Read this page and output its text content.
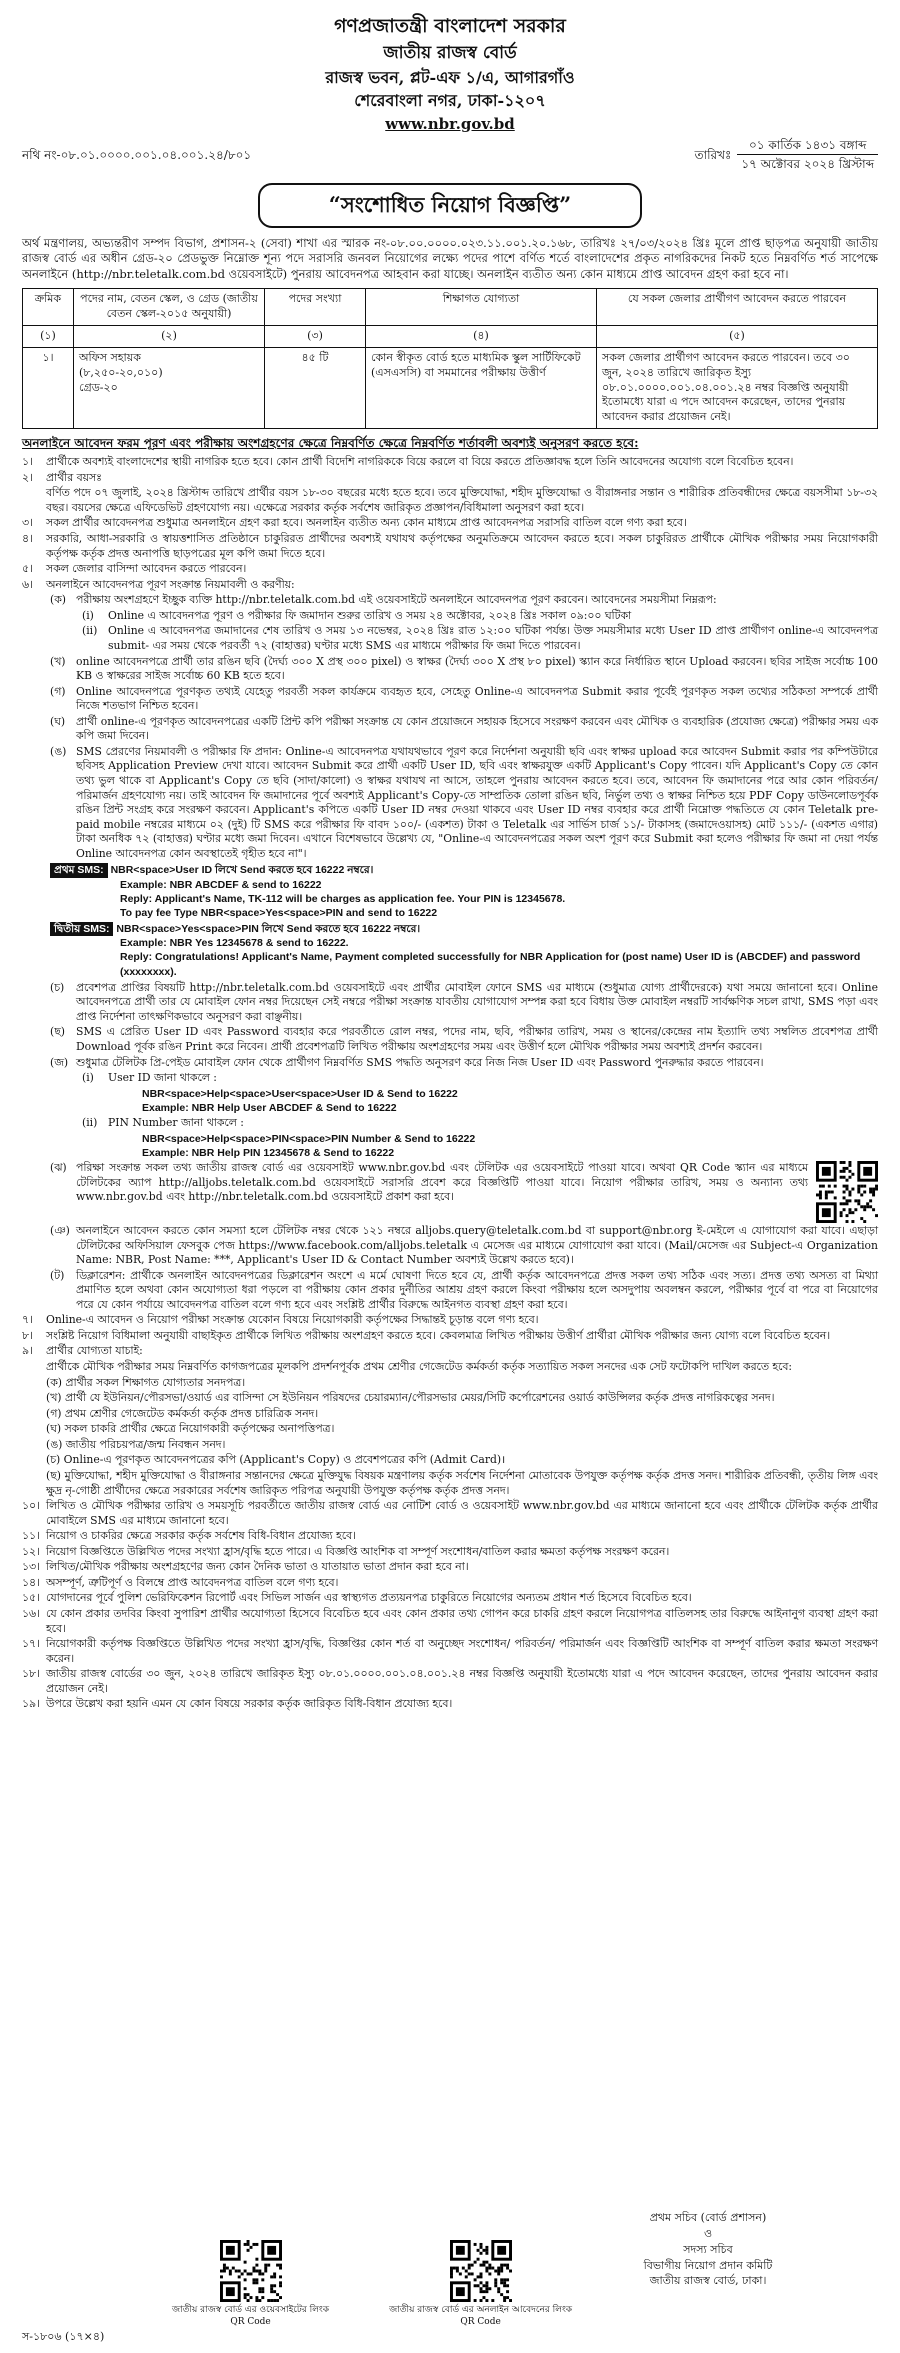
গণপ্রজাতন্ত্রী বাংলাদেশ সরকার
জাতীয় রাজস্ব বোর্ড
রাজস্ব ভবন, প্লট-এফ ১/এ, আগারগাঁও
শেরেবাংলা নগর, ঢাকা-১২০৭
www.nbr.gov.bd
নথি নং-০৮.০১.০০০০.০০১.০৪.০০১.২৪/৮০১	তারিখঃ
০১ কার্তিক ১৪৩১ বঙ্গাব্দ
১৭ অক্টোবর ২০২৪ খ্রিস্টাব্দ
“সংশোধিত নিয়োগ বিজ্ঞপ্তি”
অর্থ মন্ত্রণালয়, অভ্যন্তরীণ সম্পদ বিভাগ, প্রশাসন-২ (সেবা) শাখা এর স্মারক নং-০৮.০০.০০০০.০২৩.১১.০০১.২০.১৬৮, তারিখঃ ২৭/০৩/২০২৪ খ্রিঃ মূলে প্রাপ্ত ছাড়পত্র অনুযায়ী জাতীয় রাজস্ব বোর্ড এর অধীন গ্রেড-২০ প্রেডভুক্ত নিম্নোক্ত শূন্য পদে সরাসরি জনবল নিয়োগের লক্ষ্যে পদের পাশে বর্ণিত শর্তে বাংলাদেশের প্রকৃত নাগরিকদের নিকট হতে নিম্নবর্ণিত শর্ত সাপেক্ষে অনলাইনে (http://nbr.teletalk.com.bd ওয়েবসাইটে) পুনরায় আবেদনপত্র আহবান করা যাচ্ছে। অনলাইন ব্যতীত অন্য কোন মাধ্যমে প্রাপ্ত আবেদন গ্রহণ করা হবে না।
ক্রমিক	পদের নাম, বেতন স্কেল, ও গ্রেড (জাতীয় বেতন স্কেল-২০১৫ অনুযায়ী)	পদের সংখ্যা	শিক্ষাগত যোগ্যতা	যে সকল জেলার প্রার্থীগণ আবেদন করতে পারবেন
(১)	(২)	(৩)	(৪)	(৫)
১।	অফিস সহায়ক
(৮,২৫০-২০,০১০)
গ্রেড-২০	৪৫ টি	কোন স্বীকৃত বোর্ড হতে মাধ্যমিক স্কুল সার্টিফিকেট (এসএসসি) বা সমমানের পরীক্ষায় উত্তীর্ণ	সকল জেলার প্রার্থীগণ আবেদন করতে পারবেন। তবে ৩০ জুন, ২০২৪ তারিখে জারিকৃত ইস্যু ০৮.০১.০০০০.০০১.০৪.০০১.২৪ নম্বর বিজ্ঞপ্তি অনুযায়ী ইতোমধ্যে যারা এ পদে আবেদন করেছেন, তাদের পুনরায় আবেদন করার প্রয়োজন নেই।
অনলাইনে আবেদন ফরম পূরণ এবং পরীক্ষায় অংশগ্রহণের ক্ষেত্রে নিম্নবর্ণিত ক্ষেত্রে নিম্নবর্ণিত শর্তাবলী অবশ্যই অনুসরণ করতে হবে:
১।	প্রার্থীকে অবশ্যই বাংলাদেশের স্থায়ী নাগরিক হতে হবে। কোন প্রার্থী বিদেশি নাগরিককে বিয়ে করলে বা বিয়ে করতে প্রতিজ্ঞাবদ্ধ হলে তিনি আবেদনের অযোগ্য বলে বিবেচিত হবেন।
২।	প্রার্থীর বয়সঃ
বর্ণিত পদে ০৭ জুলাই, ২০২৪ খ্রিস্টাব্দ তারিখে প্রার্থীর বয়স ১৮-৩০ বছরের মধ্যে হতে হবে। তবে মুক্তিযোদ্ধা, শহীদ মুক্তিযোদ্ধা ও বীরাঙ্গনার সন্তান ও শারীরিক প্রতিবন্ধীদের ক্ষেত্রে বয়সসীমা ১৮-৩২ বছর। বয়সের ক্ষেত্রে এফিডেভিট গ্রহণযোগ্য নয়। এক্ষেত্রে সরকার কর্তৃক সর্বশেষ জারিকৃত প্রজ্ঞাপন/বিধিমালা অনুসরণ করা হবে।
৩।	সকল প্রার্থীর আবেদনপত্র শুধুমাত্র অনলাইনে গ্রহণ করা হবে। অনলাইন ব্যতীত অন্য কোন মাধ্যমে প্রাপ্ত আবেদনপত্র সরাসরি বাতিল বলে গণ্য করা হবে।
৪।	সরকারি, আধা-সরকারি ও স্বায়ত্তশাসিত প্রতিষ্ঠানে চাকুরিরত প্রার্থীদের অবশ্যই যথাযথ কর্তৃপক্ষের অনুমতিক্রমে আবেদন করতে হবে। সকল চাকুরিরত প্রার্থীকে মৌখিক পরীক্ষার সময় নিয়োগকারী কর্তৃপক্ষ কর্তৃক প্রদত্ত অনাপত্তি ছাড়পত্রের মূল কপি জমা দিতে হবে।
৫।	সকল জেলার বাসিন্দা আবেদন করতে পারবেন।
৬।	অনলাইনে আবেদনপত্র পূরণ সংক্রান্ত নিয়মাবলী ও করণীয়:
(ক) পরীক্ষায় অংশগ্রহণে ইচ্ছুক ব্যক্তি http://nbr.teletalk.com.bd এই ওয়েবসাইটে অনলাইনে আবেদনপত্র পূরণ করবেন। আবেদনের সময়সীমা নিম্নরূপ:
(i)	Online এ আবেদনপত্র পূরণ ও পরীক্ষার ফি জমাদান শুরুর তারিখ ও সময় ২৪ অক্টোবর, ২০২৪ খ্রিঃ সকাল ০৯:০০ ঘটিকা
(ii) Online এ আবেদনপত্র জমাদানের শেষ তারিখ ও সময় ১৩ নভেম্বর, ২০২৪ খ্রিঃ রাত ১২:০০ ঘটিকা পর্যন্ত। উক্ত সময়সীমার মধ্যে User ID প্রাপ্ত প্রার্থীগণ online-এ আবেদনপত্র submit- এর সময় থেকে পরবর্তী ৭২ (বাহাত্তর) ঘণ্টার মধ্যে SMS এর মাধ্যমে পরীক্ষার ফি জমা দিতে পারবেন।
(খ) online আবেদনপত্রে প্রার্থী তার রঙিন ছবি (দৈর্ঘ্য ৩০০ X প্রস্থ ৩০০ pixel) ও স্বাক্ষর (দৈর্ঘ্য ৩০০ X প্রস্থ ৮০ pixel) স্ক্যান করে নির্ধারিত স্থানে Upload করবেন। ছবির সাইজ সর্বোচ্চ 100 KB ও স্বাক্ষরের সাইজ সর্বোচ্চ 60 KB হতে হবে।
(গ) Online আবেদনপত্রে পূরণকৃত তথ্যই যেহেতু পরবর্তী সকল কার্যক্রমে ব্যবহৃত হবে, সেহেতু Online-এ আবেদনপত্র Submit করার পূর্বেই পূরণকৃত সকল তথ্যের সঠিকতা সম্পর্কে প্রার্থী নিজে শতভাগ নিশ্চিত হবেন।
(ঘ)	প্রার্থী online-এ পূরণকৃত আবেদনপত্রের একটি প্রিন্ট কপি পরীক্ষা সংক্রান্ত যে কোন প্রয়োজনে সহায়ক হিসেবে সংরক্ষণ করবেন এবং মৌখিক ও ব্যবহারিক (প্রযোজ্য ক্ষেত্রে) পরীক্ষার সময় এক কপি জমা দিবেন।
(ঙ) SMS প্রেরণের নিয়মাবলী ও পরীক্ষার ফি প্রদান: Online-এ আবেদনপত্র যথাযথভাবে পূরণ করে নির্দেশনা অনুযায়ী ছবি এবং স্বাক্ষর upload করে আবেদন Submit করার পর কম্পিউটারে ছবিসহ Application Preview দেখা যাবে। আবেদন Submit করে প্রার্থী একটি User ID, ছবি এবং স্বাক্ষরযুক্ত একটি Applicant's Copy পাবেন। যদি Applicant's Copy তে কোন তথ্য ভুল থাকে বা Applicant's Copy তে ছবি (সাদা/কালো) ও স্বাক্ষর যথাযথ না আসে, তাহলে পুনরায় আবেদন করতে হবে। তবে, আবেদন ফি জমাদানের পরে আর কোন পরিবর্তন/পরিমার্জন গ্রহণযোগ্য নয়। তাই আবেদন ফি জমাদানের পূর্বে অবশ্যই Applicant's Copy-তে সাম্প্রতিক তোলা রঙিন ছবি, নির্ভুল তথ্য ও স্বাক্ষর নিশ্চিত হয়ে PDF Copy ডাউনলোডপূর্বক রঙিন প্রিন্ট সংগ্রহ করে সংরক্ষণ করবেন। Applicant's কপিতে একটি User ID নম্বর দেওয়া থাকবে এবং User ID নম্বর ব্যবহার করে প্রার্থী নিম্নোক্ত পদ্ধতিতে যে কোন Teletalk pre-paid mobile নম্বরের মাধ্যমে ০২ (দুই) টি SMS করে পরীক্ষার ফি বাবদ ১০০/- (একশত) টাকা ও Teletalk এর সার্ভিস চার্জ ১১/- টাকাসহ (জমাদেওয়াসহ) মোট ১১১/- (একশত এগার) টাকা অনধিক ৭২ (বাহাত্তর) ঘণ্টার মধ্যে জমা দিবেন। এখানে বিশেষভাবে উল্লেখ্য যে, "Online-এ আবেদনপত্রের সকল অংশ পূরণ করে Submit করা হলেও পরীক্ষার ফি জমা না দেয়া পর্যন্ত Online আবেদনপত্র কোন অবস্থাতেই গৃহীত হবে না"।
প্রথম SMS: NBR<space>User ID লিখে Send করতে হবে 16222 নম্বরে।
Example: NBR ABCDEF & send to 16222
Reply: Applicant's Name, TK-112 will be charges as application fee. Your PIN is 12345678.
To pay fee Type NBR<space>Yes<space>PIN and send to 16222
দ্বিতীয় SMS: NBR<space>Yes<space>PIN লিখে Send করতে হবে 16222 নম্বরে।
Example: NBR Yes 12345678 & send to 16222.
Reply: Congratulations! Applicant's Name, Payment completed successfully for NBR Application for (post name) User ID is (ABCDEF) and password (xxxxxxxx).
(চ)	প্রবেশপত্র প্রাপ্তির বিষয়টি http://nbr.teletalk.com.bd ওয়েবসাইটে এবং প্রার্থীর মোবাইল ফোনে SMS এর মাধ্যমে (শুধুমাত্র যোগ্য প্রার্থীদেরকে) যথা সময়ে জানানো হবে। Online আবেদনপত্রে প্রার্থী তার যে মোবাইল ফোন নম্বর দিয়েছেন সেই নম্বরে পরীক্ষা সংক্রান্ত যাবতীয় যোগাযোগ সম্পন্ন করা হবে বিধায় উক্ত মোবাইল নম্বরটি সার্বক্ষণিক সচল রাখা, SMS পড়া এবং প্রাপ্ত নির্দেশনা তাৎক্ষণিকভাবে অনুসরণ করা বাঞ্ছনীয়।
(ছ)	SMS এ প্রেরিত User ID এবং Password ব্যবহার করে পরবর্তীতে রোল নম্বর, পদের নাম, ছবি, পরীক্ষার তারিখ, সময় ও স্থানের/কেন্দ্রের নাম ইত্যাদি তথ্য সম্বলিত প্রবেশপত্র প্রার্থী Download পূর্বক রঙিন Print করে নিবেন। প্রার্থী প্রবেশপত্রটি লিখিত পরীক্ষায় অংশগ্রহণের সময় এবং উত্তীর্ণ হলে মৌখিক পরীক্ষার সময় অবশ্যই প্রদর্শন করবেন।
(জ) শুধুমাত্র টেলিটক প্রি-পেইড মোবাইল ফোন থেকে প্রার্থীগণ নিম্নবর্ণিত SMS পদ্ধতি অনুসরণ করে নিজ নিজ User ID এবং Password পুনরুদ্ধার করতে পারবেন।
(i)	User ID জানা থাকলে :
NBR<space>Help<space>User<space>User ID & Send to 16222
Example: NBR Help User ABCDEF & Send to 16222
(ii) PIN Number জানা থাকলে :
NBR<space>Help<space>PIN<space>PIN Number & Send to 16222
Example: NBR Help PIN 12345678 & Send to 16222
(ঝ) পরিক্ষা সংক্রান্ত সকল তথ্য জাতীয় রাজস্ব বোর্ড এর ওয়েবসাইট www.nbr.gov.bd এবং টেলিটক এর ওয়েবসাইটে পাওয়া যাবে। অথবা QR Code স্ক্যান এর মাধ্যমে টেলিটকের অ্যাপ http://alljobs.teletalk.com.bd ওয়েবসাইটে সরাসরি প্রবেশ করে বিজ্ঞপ্তিটি পাওয়া যাবে। নিয়োগ পরীক্ষার তারিখ, সময় ও অন্যান্য তথ্য www.nbr.gov.bd এবং http://nbr.teletalk.com.bd ওয়েবসাইটে প্রকাশ করা হবে।
(ঞ) অনলাইনে আবেদন করতে কোন সমস্যা হলে টেলিটক নম্বর থেকে ১২১ নম্বরে alljobs.query@teletalk.com.bd বা support@nbr.org ই-মেইলে এ যোগাযোগ করা যাবে। এছাড়া টেলিটকের অফিসিয়াল ফেসবুক পেজ https://www.facebook.com/alljobs.teletalk এ মেসেজ এর মাধ্যমে যোগাযোগ করা যাবে। (Mail/মেসেজ এর Subject-এ Organization Name: NBR, Post Name: ***, Applicant's User ID & Contact Number অবশ্যই উল্লেখ করতে হবে)।
(ট)	ডিক্লারেশন: প্রার্থীকে অনলাইন আবেদনপত্রের ডিক্লারেশন অংশে এ মর্মে ঘোষণা দিতে হবে যে, প্রার্থী কর্তৃক আবেদনপত্রে প্রদত্ত সকল তথ্য সঠিক এবং সত্য। প্রদত্ত তথ্য অসত্য বা মিথ্যা প্রমাণিত হলে অথবা কোন অযোগ্যতা ধরা পড়লে বা পরীক্ষায় কোন প্রকার দুর্নীতির আশ্রয় গ্রহণ করলে কিংবা পরীক্ষায় হলে অসদুপায় অবলম্বন করলে, পরীক্ষার পূর্বে বা পরে বা নিয়োগের পরে যে কোন পর্যায়ে আবেদনপত্র বাতিল বলে গণ্য হবে এবং সংশ্লিষ্ট প্রার্থীর বিরুদ্ধে আইনগত ব্যবস্থা গ্রহণ করা হবে।
৭।	Online-এ আবেদন ও নিয়োগ পরীক্ষা সংক্রান্ত যেকোন বিষয়ে নিয়োগকারী কর্তৃপক্ষের সিদ্ধান্তই চূড়ান্ত বলে গণ্য হবে।
৮।	সংশ্লিষ্ট নিয়োগ বিধিমালা অনুযায়ী বাছাইকৃত প্রার্থীকে লিখিত পরীক্ষায় অংশগ্রহণ করতে হবে। কেবলমাত্র লিখিত পরীক্ষায় উত্তীর্ণ প্রার্থীরা মৌখিক পরীক্ষার জন্য যোগ্য বলে বিবেচিত হবেন।
৯।	প্রার্থীর যোগ্যতা যাচাই:
প্রার্থীকে মৌখিক পরীক্ষার সময় নিম্নবর্ণিত কাগজপত্রের মূলকপি প্রদর্শনপূর্বক প্রথম শ্রেণীর গেজেটেড কর্মকর্তা কর্তৃক সত্যায়িত সকল সনদের এক সেট ফটোকপি দাখিল করতে হবে:
(ক) প্রার্থীর সকল শিক্ষাগত যোগ্যতার সনদপত্র।
(খ) প্রার্থী যে ইউনিয়ন/পৌরসভা/ওয়ার্ড এর বাসিন্দা সে ইউনিয়ন পরিষদের চেয়ারম্যান/পৌরসভার মেয়র/সিটি কর্পোরেশনের ওয়ার্ড কাউন্সিলর কর্তৃক প্রদত্ত নাগরিকত্বের সনদ।
(গ) প্রথম শ্রেণীর গেজেটেড কর্মকর্তা কর্তৃক প্রদত্ত চারিত্রিক সনদ।
(ঘ) সকল চাকরি প্রার্থীর ক্ষেত্রে নিয়োগকারী কর্তৃপক্ষের অনাপত্তিপত্র।
(ঙ) জাতীয় পরিচয়পত্র/জন্ম নিবন্ধন সনদ।
(চ) Online-এ পূরণকৃত আবেদনপত্রের কপি (Applicant's Copy) ও প্রবেশপত্রের কপি (Admit Card)।
(ছ) মুক্তিযোদ্ধা, শহীদ মুক্তিযোদ্ধা ও বীরাঙ্গনার সন্তানদের ক্ষেত্রে মুক্তিযুদ্ধ বিষয়ক মন্ত্রণালয় কর্তৃক সর্বশেষ নির্দেশনা মোতাবেক উপযুক্ত কর্তৃপক্ষ কর্তৃক প্রদত্ত সনদ। শারীরিক প্রতিবন্ধী, তৃতীয় লিঙ্গ এবং ক্ষুদ্র নৃ-গোষ্ঠী প্রার্থীদের ক্ষেত্রে সরকারের সর্বশেষ জারিকৃত পরিপত্র অনুযায়ী উপযুক্ত কর্তৃপক্ষ কর্তৃক প্রদত্ত সনদ।
১০। লিখিত ও মৌখিক পরীক্ষার তারিখ ও সময়সূচি পরবর্তীতে জাতীয় রাজস্ব বোর্ড এর নোটিশ বোর্ড ও ওয়েবসাইট www.nbr.gov.bd এর মাধ্যমে জানানো হবে এবং প্রার্থীকে টেলিটক কর্তৃক প্রার্থীর মোবাইলে SMS এর মাধ্যমে জানানো হবে।
১১। নিয়োগ ও চাকরির ক্ষেত্রে সরকার কর্তৃক সর্বশেষ বিধি-বিধান প্রযোজ্য হবে।
১২। নিয়োগ বিজ্ঞপ্তিতে উল্লিখিত পদের সংখ্যা হ্রাস/বৃদ্ধি হতে পারে। এ বিজ্ঞপ্তি আংশিক বা সম্পূর্ণ সংশোধন/বাতিল করার ক্ষমতা কর্তৃপক্ষ সংরক্ষণ করেন।
১৩। লিখিত/মৌখিক পরীক্ষায় অংশগ্রহণের জন্য কোন দৈনিক ভাতা ও যাতায়াত ভাতা প্রদান করা হবে না।
১৪। অসম্পূর্ণ, ত্রুটিপূর্ণ ও বিলম্বে প্রাপ্ত আবেদনপত্র বাতিল বলে গণ্য হবে।
১৫। যোগদানের পূর্বে পুলিশ ভেরিফিকেশন রিপোর্ট এবং সিভিল সার্জন এর স্বাস্থ্যগত প্রত্যয়নপত্র চাকুরিতে নিয়োগের অন্যতম প্রধান শর্ত হিসেবে বিবেচিত হবে।
১৬। যে কোন প্রকার তদবির কিংবা সুপারিশ প্রার্থীর অযোগ্যতা হিসেবে বিবেচিত হবে এবং কোন প্রকার তথ্য গোপন করে চাকরি গ্রহণ করলে নিয়োগপত্র বাতিলসহ তার বিরুদ্ধে আইনানুগ ব্যবস্থা গ্রহণ করা হবে।
১৭। নিয়োগকারী কর্তৃপক্ষ বিজ্ঞপ্তিতে উল্লিখিত পদের সংখ্যা হ্রাস/বৃদ্ধি, বিজ্ঞপ্তির কোন শর্ত বা অনুচ্ছেদ সংশোধন/ পরিবর্তন/ পরিমার্জন এবং বিজ্ঞপ্তিটি আংশিক বা সম্পূর্ণ বাতিল করার ক্ষমতা সংরক্ষণ করেন।
১৮। জাতীয় রাজস্ব বোর্ডের ৩০ জুন, ২০২৪ তারিখে জারিকৃত ইস্যু ০৮.০১.০০০০.০০১.০৪.০০১.২৪ নম্বর বিজ্ঞপ্তি অনুযায়ী ইতোমধ্যে যারা এ পদে আবেদন করেছেন, তাদের পুনরায় আবেদন করার প্রয়োজন নেই।
১৯। উপরে উল্লেখ করা হয়নি এমন যে কোন বিষয়ে সরকার কর্তৃক জারিকৃত বিধি-বিধান প্রযোজ্য হবে।
প্রথম সচিব (বোর্ড প্রশাসন)
ও
সদস্য সচিব
বিভাগীয় নিয়োগ প্রদান কমিটি
জাতীয় রাজস্ব বোর্ড, ঢাকা।
জাতীয় রাজস্ব বোর্ড এর ওয়েবসাইটের লিংক
QR Code
জাতীয় রাজস্ব বোর্ড এর অনলাইন আবেদনের লিংক
QR Code
স-১৮০৬ (১৭×৪)
